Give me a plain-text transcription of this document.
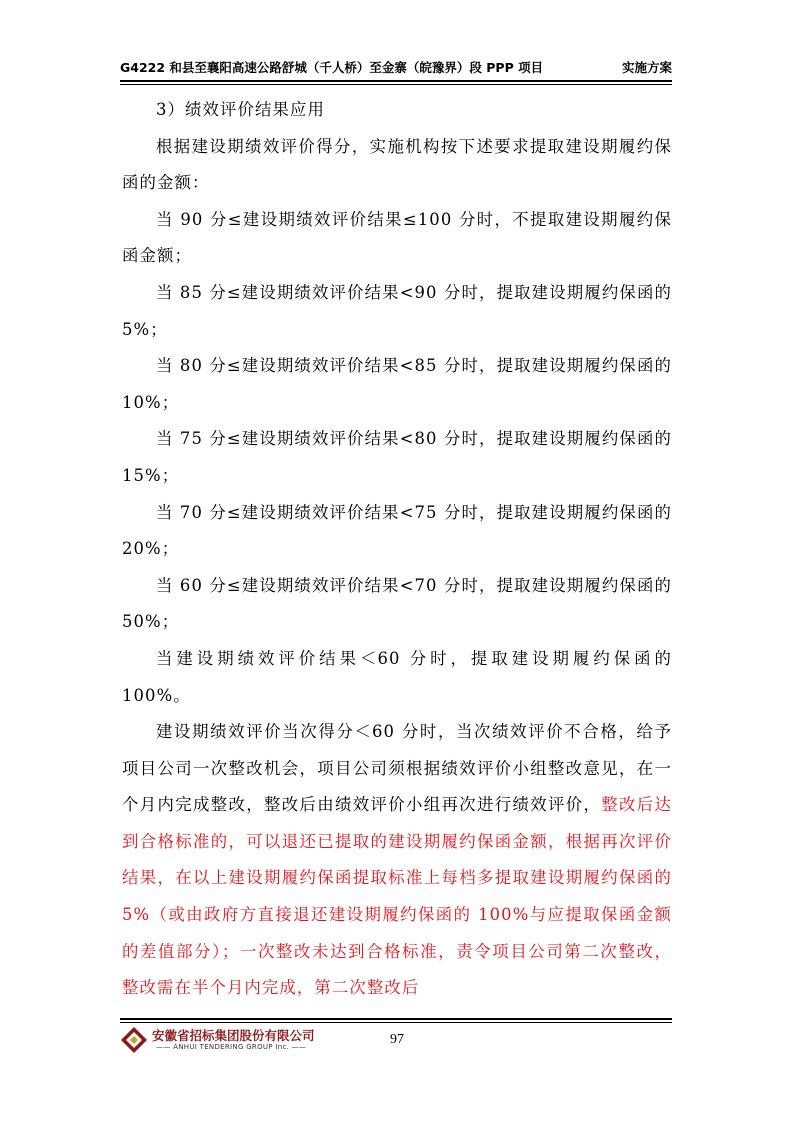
G4222 和县至襄阳高速公路舒城（千人桥）至金寨（皖豫界）段 PPP 项目	实施方案

3）绩效评价结果应用

根据建设期绩效评价得分，实施机构按下述要求提取建设期履约保函的金额：

当 90 分≤建设期绩效评价结果≤100 分时，不提取建设期履约保函金额；

当 85 分≤建设期绩效评价结果<90 分时，提取建设期履约保函的 5%；

当 80 分≤建设期绩效评价结果<85 分时，提取建设期履约保函的 10%；

当 75 分≤建设期绩效评价结果<80 分时，提取建设期履约保函的 15%；

当 70 分≤建设期绩效评价结果<75 分时，提取建设期履约保函的 20%；

当 60 分≤建设期绩效评价结果<70 分时，提取建设期履约保函的 50%；

当建设期绩效评价结果＜60 分时，提取建设期履约保函的 100%。

建设期绩效评价当次得分＜60 分时，当次绩效评价不合格，给予项目公司一次整改机会，项目公司须根据绩效评价小组整改意见，在一个月内完成整改，整改后由绩效评价小组再次进行绩效评价，整改后达到合格标准的，可以退还已提取的建设期履约保函金额，根据再次评价结果，在以上建设期履约保函提取标准上每档多提取建设期履约保函的 5%（或由政府方直接退还建设期履约保函的 100%与应提取保函金额的差值部分）；一次整改未达到合格标准，责令项目公司第二次整改，整改需在半个月内完成，第二次整改后

安徽省招标集团股份有限公司
—— ANHUI TENDERING GROUP Inc. ——	97
